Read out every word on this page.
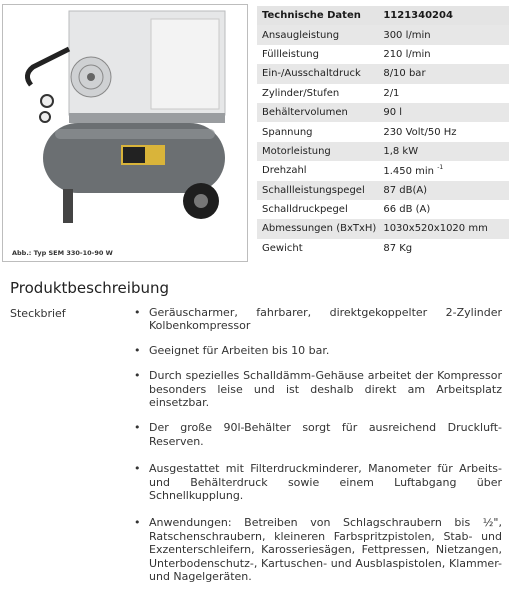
Abb.: Typ SEM 330-10-90 W
Technische Daten	1121340204
Ansaugleistung	300 l/min
Füllleistung	210 l/min
Ein-/Ausschaltdruck	8/10 bar
Zylinder/Stufen	2/1
Behältervolumen	90 l
Spannung	230 Volt/50 Hz
Motorleistung	1,8 kW
Drehzahl	1.450 min $^{-1}$
Schallleistungspegel	87 dB(A)
Schalldruckpegel	66 dB (A)
Abmessungen (BxTxH)	1030x520x1020 mm
Gewicht	87 Kg
Produktbeschreibung
Steckbrief	• Geräuscharmer, fahrbarer, direktgekoppelter 2-Zylinder Kolbenkompressor
• Geeignet für Arbeiten bis 10 bar.
• Durch spezielles Schalldämm-Gehäuse arbeitet der Kompressor besonders leise und ist deshalb direkt am Arbeitsplatz einsetzbar.
• Der große 90l-Behälter sorgt für ausreichend Druckluft-Reserven.
• Ausgestattet mit Filterdruckminderer, Manometer für Arbeits- und Behälterdruck sowie einem Luftabgang über Schnellkupplung.
• Anwendungen: Betreiben von Schlagschraubern bis ½", Ratschenschraubern, kleineren Farbspritzpistolen, Stab- und Exzenterschleifern, Karosseriesägen, Fettpressen, Nietzangen, Unterbodenschutz-, Kartuschen- und Ausblaspistolen, Klammer- und Nagelgeräten.
